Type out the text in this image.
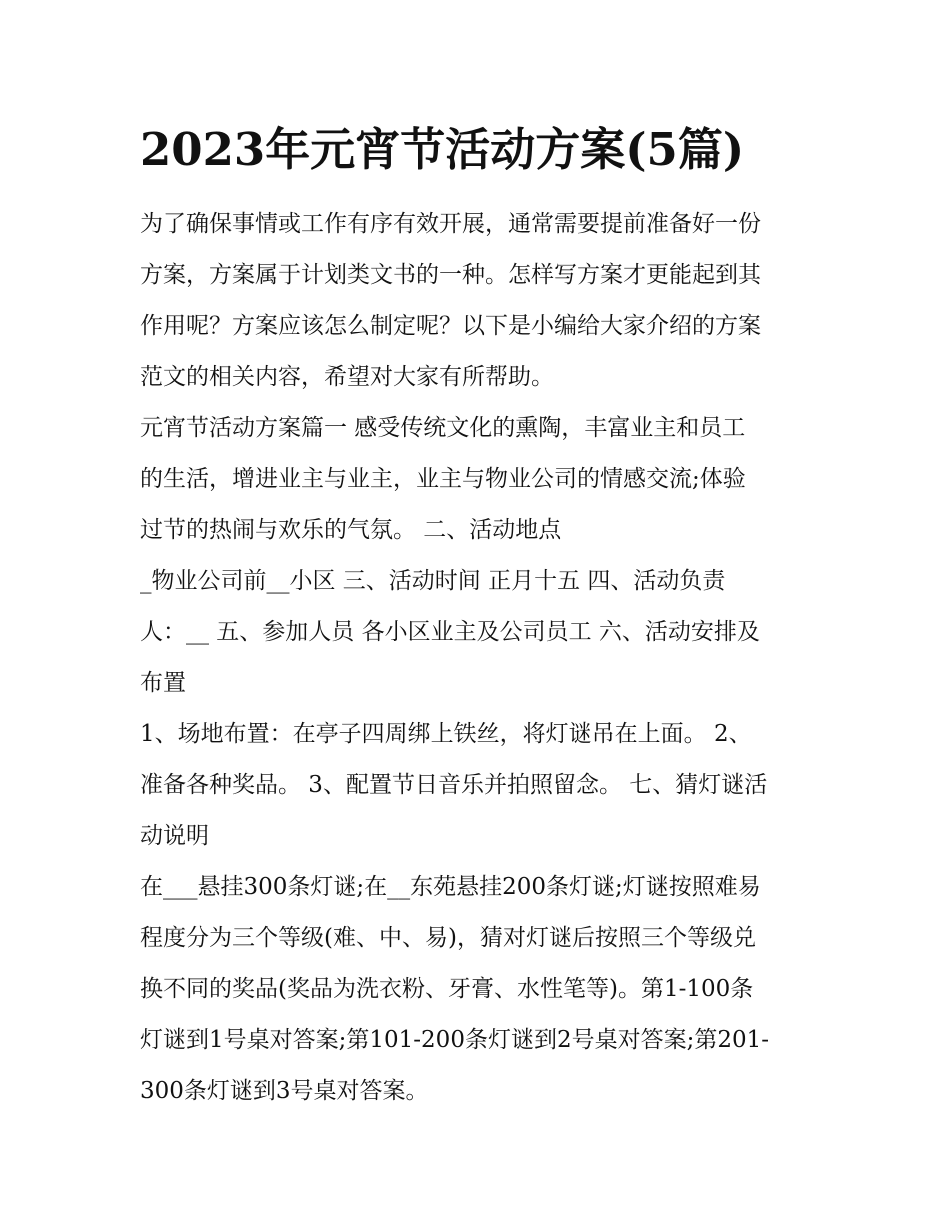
2023年元宵节活动方案(5篇)
为了确保事情或工作有序有效开展，通常需要提前准备好一份
方案，方案属于计划类文书的一种。怎样写方案才更能起到其
作用呢？方案应该怎么制定呢？以下是小编给大家介绍的方案
范文的相关内容，希望对大家有所帮助。
元宵节活动方案篇一 感受传统文化的熏陶，丰富业主和员工
的生活，增进业主与业主，业主与物业公司的情感交流;体验
过节的热闹与欢乐的气氛。 二、活动地点
_物业公司前__小区 三、活动时间 正月十五 四、活动负责
人：__ 五、参加人员 各小区业主及公司员工 六、活动安排及
布置
1、场地布置：在亭子四周绑上铁丝，将灯谜吊在上面。 2、
准备各种奖品。 3、配置节日音乐并拍照留念。 七、猜灯谜活
动说明
在___悬挂300条灯谜;在__东苑悬挂200条灯谜;灯谜按照难易
程度分为三个等级(难、中、易)，猜对灯谜后按照三个等级兑
换不同的奖品(奖品为洗衣粉、牙膏、水性笔等)。第1-100条
灯谜到1号桌对答案;第101-200条灯谜到2号桌对答案;第201-
300条灯谜到3号桌对答案。
